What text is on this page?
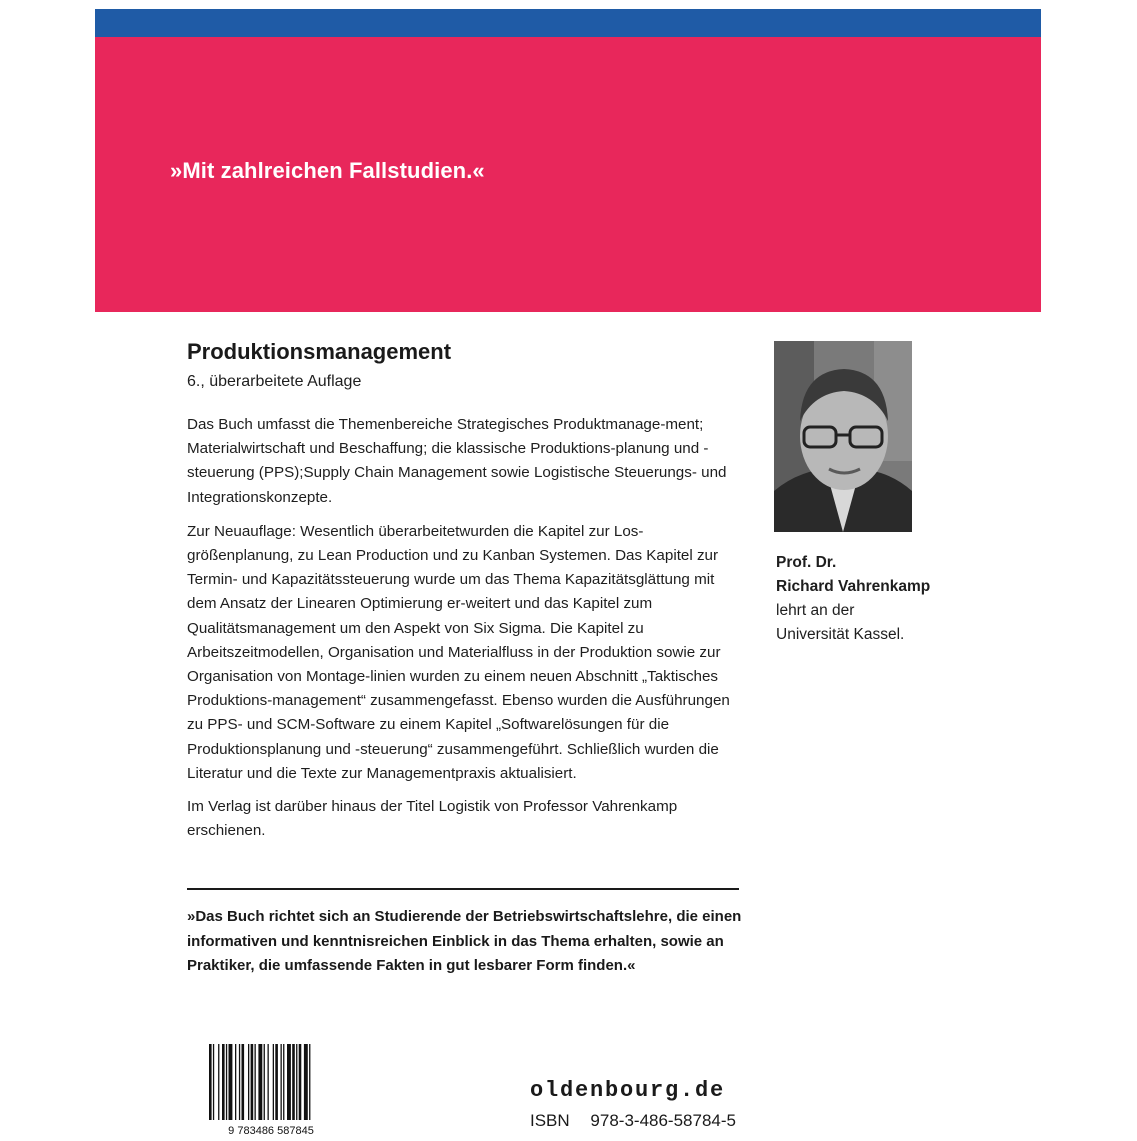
»Mit zahlreichen Fallstudien.«
Produktionsmanagement
6., überarbeitete Auflage

Das Buch umfasst die Themenbereiche Strategisches Produktmanage-ment; Materialwirtschaft und Beschaffung; die klassische Produktions-planung und -steuerung (PPS);Supply Chain Management sowie Logistische Steuerungs- und Integrationskonzepte.

Zur Neuauflage: Wesentlich überarbeitetwurden die Kapitel zur Los-größenplanung, zu Lean Production und zu Kanban Systemen. Das Kapitel zur Termin- und Kapazitätssteuerung wurde um das Thema Kapazitätsglättung mit dem Ansatz der Linearen Optimierung er-weitert und das Kapitel zum Qualitätsmanagement um den Aspekt von Six Sigma. Die Kapitel zu Arbeitszeitmodellen, Organisation und Materialfluss in der Produktion sowie zur Organisation von Montage-linien wurden zu einem neuen Abschnitt „Taktisches Produktions-management“ zusammengefasst. Ebenso wurden die Ausführungen zu PPS- und SCM-Software zu einem Kapitel „Softwarelösungen für die Produktionsplanung und -steuerung“ zusammengeführt. Schließlich wurden die Literatur und die Texte zur Managementpraxis aktualisiert.

Im Verlag ist darüber hinaus der Titel Logistik von Professor Vahrenkamp erschienen.

»Das Buch richtet sich an Studierende der Betriebswirtschaftslehre, die einen informativen und kenntnisreichen Einblick in das Thema erhalten, sowie an Praktiker, die umfassende Fakten in gut lesbarer Form finden.«
Prof. Dr.
Richard Vahrenkamp
lehrt an der
Universität Kassel.
9 783486 587845
oldenbourg.de
ISBN 978-3-486-58784-5
